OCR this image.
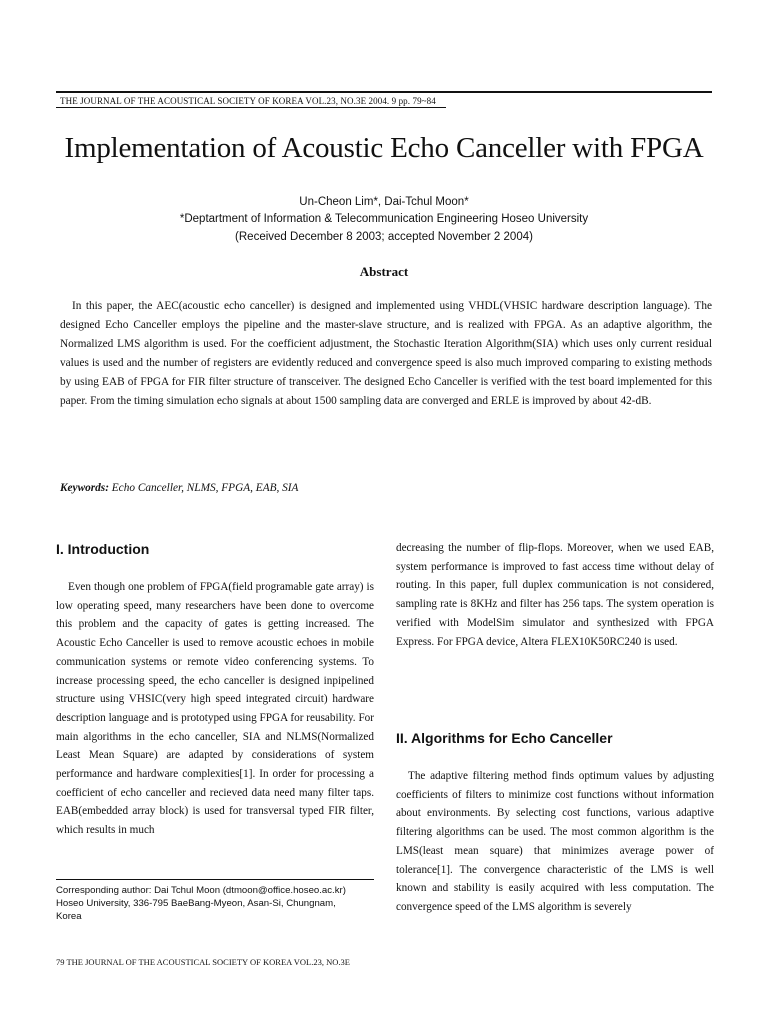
THE JOURNAL OF THE ACOUSTICAL SOCIETY OF KOREA VOL.23, NO.3E 2004. 9 pp. 79~84
Implementation of Acoustic Echo Canceller with FPGA
Un-Cheon Lim*, Dai-Tchul Moon*
*Deptartment of Information & Telecommunication Engineering Hoseo University
(Received December 8 2003; accepted November 2 2004)
Abstract
In this paper, the AEC(acoustic echo canceller) is designed and implemented using VHDL(VHSIC hardware description language). The designed Echo Canceller employs the pipeline and the master-slave structure, and is realized with FPGA. As an adaptive algorithm, the Normalized LMS algorithm is used. For the coefficient adjustment, the Stochastic Iteration Algorithm(SIA) which uses only current residual values is used and the number of registers are evidently reduced and convergence speed is also much improved comparing to existing methods by using EAB of FPGA for FIR filter structure of transceiver. The designed Echo Canceller is verified with the test board implemented for this paper. From the timing simulation echo signals at about 1500 sampling data are converged and ERLE is improved by about 42-dB.
Keywords: Echo Canceller, NLMS, FPGA, EAB, SIA
I. Introduction
Even though one problem of FPGA(field programable gate array) is low operating speed, many researchers have been done to overcome this problem and the capacity of gates is getting increased. The Acoustic Echo Canceller is used to remove acoustic echoes in mobile communication systems or remote video conferencing systems. To increase processing speed, the echo canceller is designed inpipelined structure using VHSIC(very high speed integrated circuit) hardware description language and is prototyped using FPGA for reusability. For main algorithms in the echo canceller, SIA and NLMS(Normalized Least Mean Square) are adapted by considerations of system performance and hardware complexities[1]. In order for processing a coefficient of echo canceller and recieved data need many filter taps. EAB(embedded array block) is used for transversal typed FIR filter, which results in much
decreasing the number of flip-flops. Moreover, when we used EAB, system performance is improved to fast access time without delay of routing. In this paper, full duplex communication is not considered, sampling rate is 8KHz and filter has 256 taps. The system operation is verified with ModelSim simulator and synthesized with FPGA Express. For FPGA device, Altera FLEX10K50RC240 is used.
II. Algorithms for Echo Canceller
The adaptive filtering method finds optimum values by adjusting coefficients of filters to minimize cost functions without information about environments. By selecting cost functions, various adaptive filtering algorithms can be used. The most common algorithm is the LMS(least mean square) that minimizes average power of tolerance[1]. The convergence characteristic of the LMS is well known and stability is easily acquired with less computation. The convergence speed of the LMS algorithm is severely
Corresponding author: Dai Tchul Moon (dtmoon@office.hoseo.ac.kr)
Hoseo University, 336-795 BaeBang-Myeon, Asan-Si, Chungnam,
Korea
79 THE JOURNAL OF THE ACOUSTICAL SOCIETY OF KOREA VOL.23, NO.3E
